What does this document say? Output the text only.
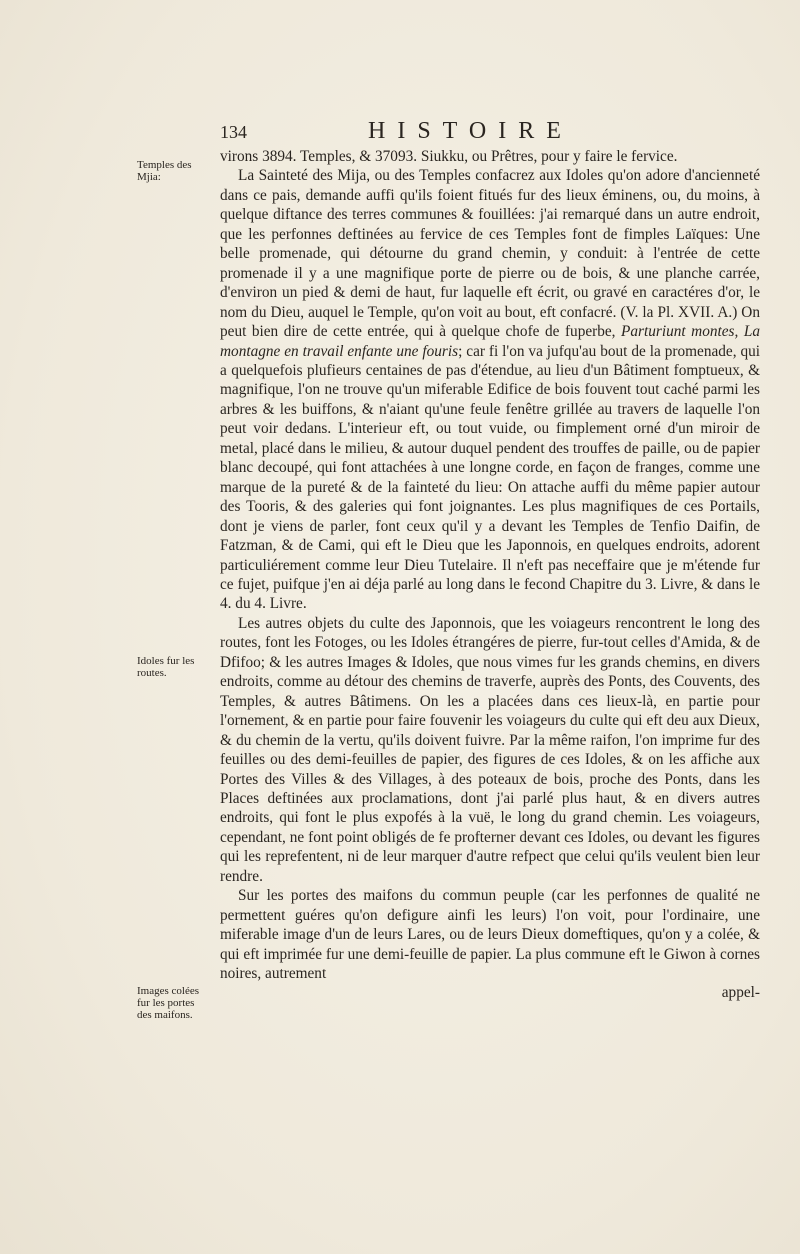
134	HISTOIRE
Temples des Mjia:
Idoles fur les routes.
Images colées fur les portes des maifons.

virons 3894. Temples, & 37093. Siukku, ou Prêtres, pour y faire le fervice.

La Sainteté des Mija, ou des Temples confacrez aux Idoles qu'on adore d'ancienneté dans ce pais, demande auffi qu'ils foient fitués fur des lieux éminens, ou, du moins, à quelque diftance des terres communes & fouillées: j'ai remarqué dans un autre endroit, que les perfonnes deftinées au fervice de ces Temples font de fimples Laïques: Une belle promenade, qui détourne du grand chemin, y conduit: à l'entrée de cette promenade il y a une magnifique porte de pierre ou de bois, & une planche carrée, d'environ un pied & demi de haut, fur laquelle eft écrit, ou gravé en caractéres d'or, le nom du Dieu, auquel le Temple, qu'on voit au bout, eft confacré. (V. la Pl. XVII. A.) On peut bien dire de cette entrée, qui à quelque chofe de fuperbe, Parturiunt montes, La montagne en travail enfante une fouris; car fi l'on va jufqu'au bout de la promenade, qui a quelquefois plufieurs centaines de pas d'étendue, au lieu d'un Bâtiment fomptueux, & magnifique, l'on ne trouve qu'un miferable Edifice de bois fouvent tout caché parmi les arbres & les buiffons, & n'aiant qu'une feule fenêtre grillée au travers de laquelle l'on peut voir dedans. L'interieur eft, ou tout vuide, ou fimplement orné d'un miroir de metal, placé dans le milieu, & autour duquel pendent des trouffes de paille, ou de papier blanc decoupé, qui font attachées à une longne corde, en façon de franges, comme une marque de la pureté & de la fainteté du lieu: On attache auffi du même papier autour des Tooris, & des galeries qui font joignantes. Les plus magnifiques de ces Portails, dont je viens de parler, font ceux qu'il y a devant les Temples de Tenfio Daifin, de Fatzman, & de Cami, qui eft le Dieu que les Japonnois, en quelques endroits, adorent particuliérement comme leur Dieu Tutelaire. Il n'eft pas neceffaire que je m'étende fur ce fujet, puifque j'en ai déja parlé au long dans le fecond Chapitre du 3. Livre, & dans le 4. du 4. Livre.

Les autres objets du culte des Japonnois, que les voiageurs rencontrent le long des routes, font les Fotoges, ou les Idoles étrangéres de pierre, fur-tout celles d'Amida, & de Dfifoo; & les autres Images & Idoles, que nous vimes fur les grands chemins, en divers endroits, comme au détour des chemins de traverfe, auprès des Ponts, des Couvents, des Temples, & autres Bâtimens. On les a placées dans ces lieux-là, en partie pour l'ornement, & en partie pour faire fouvenir les voiageurs du culte qui eft deu aux Dieux, & du chemin de la vertu, qu'ils doivent fuivre. Par la même raifon, l'on imprime fur des feuilles ou des demi-feuilles de papier, des figures de ces Idoles, & on les affiche aux Portes des Villes & des Villages, à des poteaux de bois, proche des Ponts, dans les Places deftinées aux proclamations, dont j'ai parlé plus haut, & en divers autres endroits, qui font le plus expofés à la vuë, le long du grand chemin. Les voiageurs, cependant, ne font point obligés de fe profterner devant ces Idoles, ou devant les figures qui les reprefentent, ni de leur marquer d'autre refpect que celui qu'ils veulent bien leur rendre.

Sur les portes des maifons du commun peuple (car les perfonnes de qualité ne permettent guéres qu'on defigure ainfi les leurs) l'on voit, pour l'ordinaire, une miferable image d'un de leurs Lares, ou de leurs Dieux domeftiques, qu'on y a colée, & qui eft imprimée fur une demi-feuille de papier. La plus commune eft le Giwon à cornes noires, autrement

appel-
